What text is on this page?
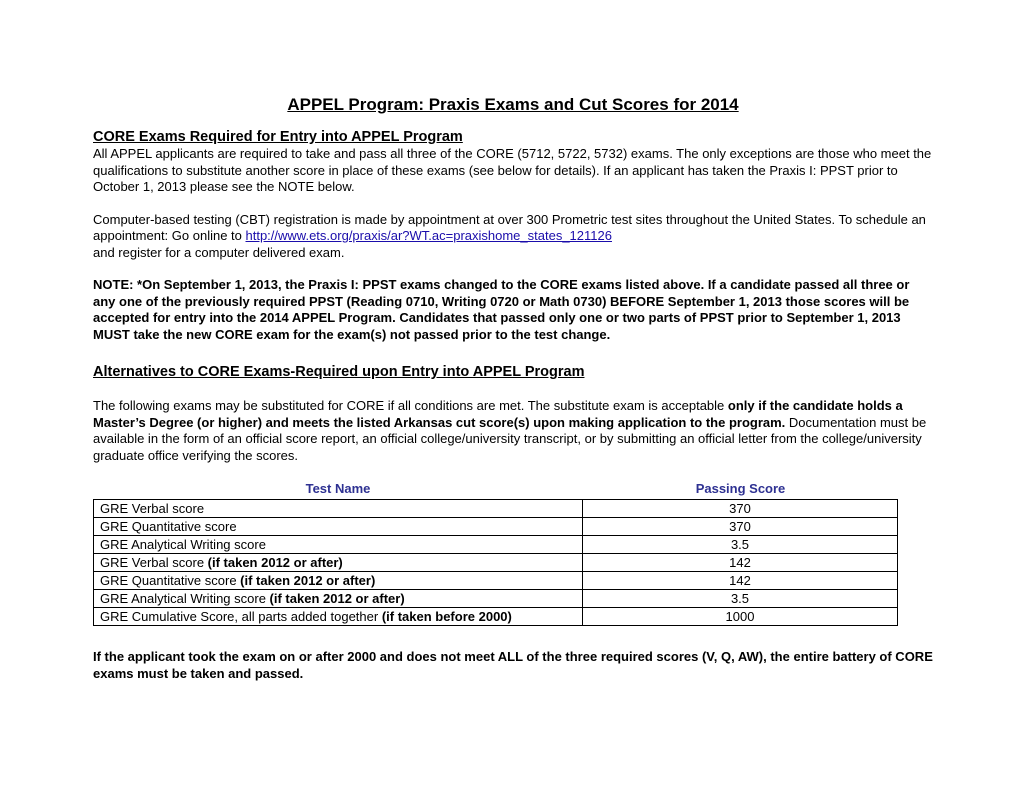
APPEL Program: Praxis Exams and Cut Scores for 2014
CORE Exams Required for Entry into APPEL Program

All APPEL applicants are required to take and pass all three of the CORE (5712, 5722, 5732) exams. The only exceptions are those who meet the qualifications to substitute another score in place of these exams (see below for details). If an applicant has taken the Praxis I: PPST prior to October 1, 2013 please see the NOTE below.

Computer-based testing (CBT) registration is made by appointment at over 300 Prometric test sites throughout the United States. To schedule an appointment: Go online to http://www.ets.org/praxis/ar?WT.ac=praxishome_states_121126
and register for a computer delivered exam.

NOTE: *On September 1, 2013, the Praxis I: PPST exams changed to the CORE exams listed above. If a candidate passed all three or any one of the previously required PPST (Reading 0710, Writing 0720 or Math 0730) BEFORE September 1, 2013 those scores will be accepted for entry into the 2014 APPEL Program. Candidates that passed only one or two parts of PPST prior to September 1, 2013 MUST take the new CORE exam for the exam(s) not passed prior to the test change.

Alternatives to CORE Exams-Required upon Entry into APPEL Program

The following exams may be substituted for CORE if all conditions are met. The substitute exam is acceptable only if the candidate holds a Master’s Degree (or higher) and meets the listed Arkansas cut score(s) upon making application to the program. Documentation must be available in the form of an official score report, an official college/university transcript, or by submitting an official letter from the college/university graduate office verifying the scores.

Test Name	Passing Score
GRE Verbal score	370
GRE Quantitative score	370
GRE Analytical Writing score	3.5
GRE Verbal score (if taken 2012 or after)	142
GRE Quantitative score (if taken 2012 or after)	142
GRE Analytical Writing score (if taken 2012 or after)	3.5
GRE Cumulative Score, all parts added together (if taken before 2000)	1000

If the applicant took the exam on or after 2000 and does not meet ALL of the three required scores (V, Q, AW), the entire battery of CORE exams must be taken and passed.
